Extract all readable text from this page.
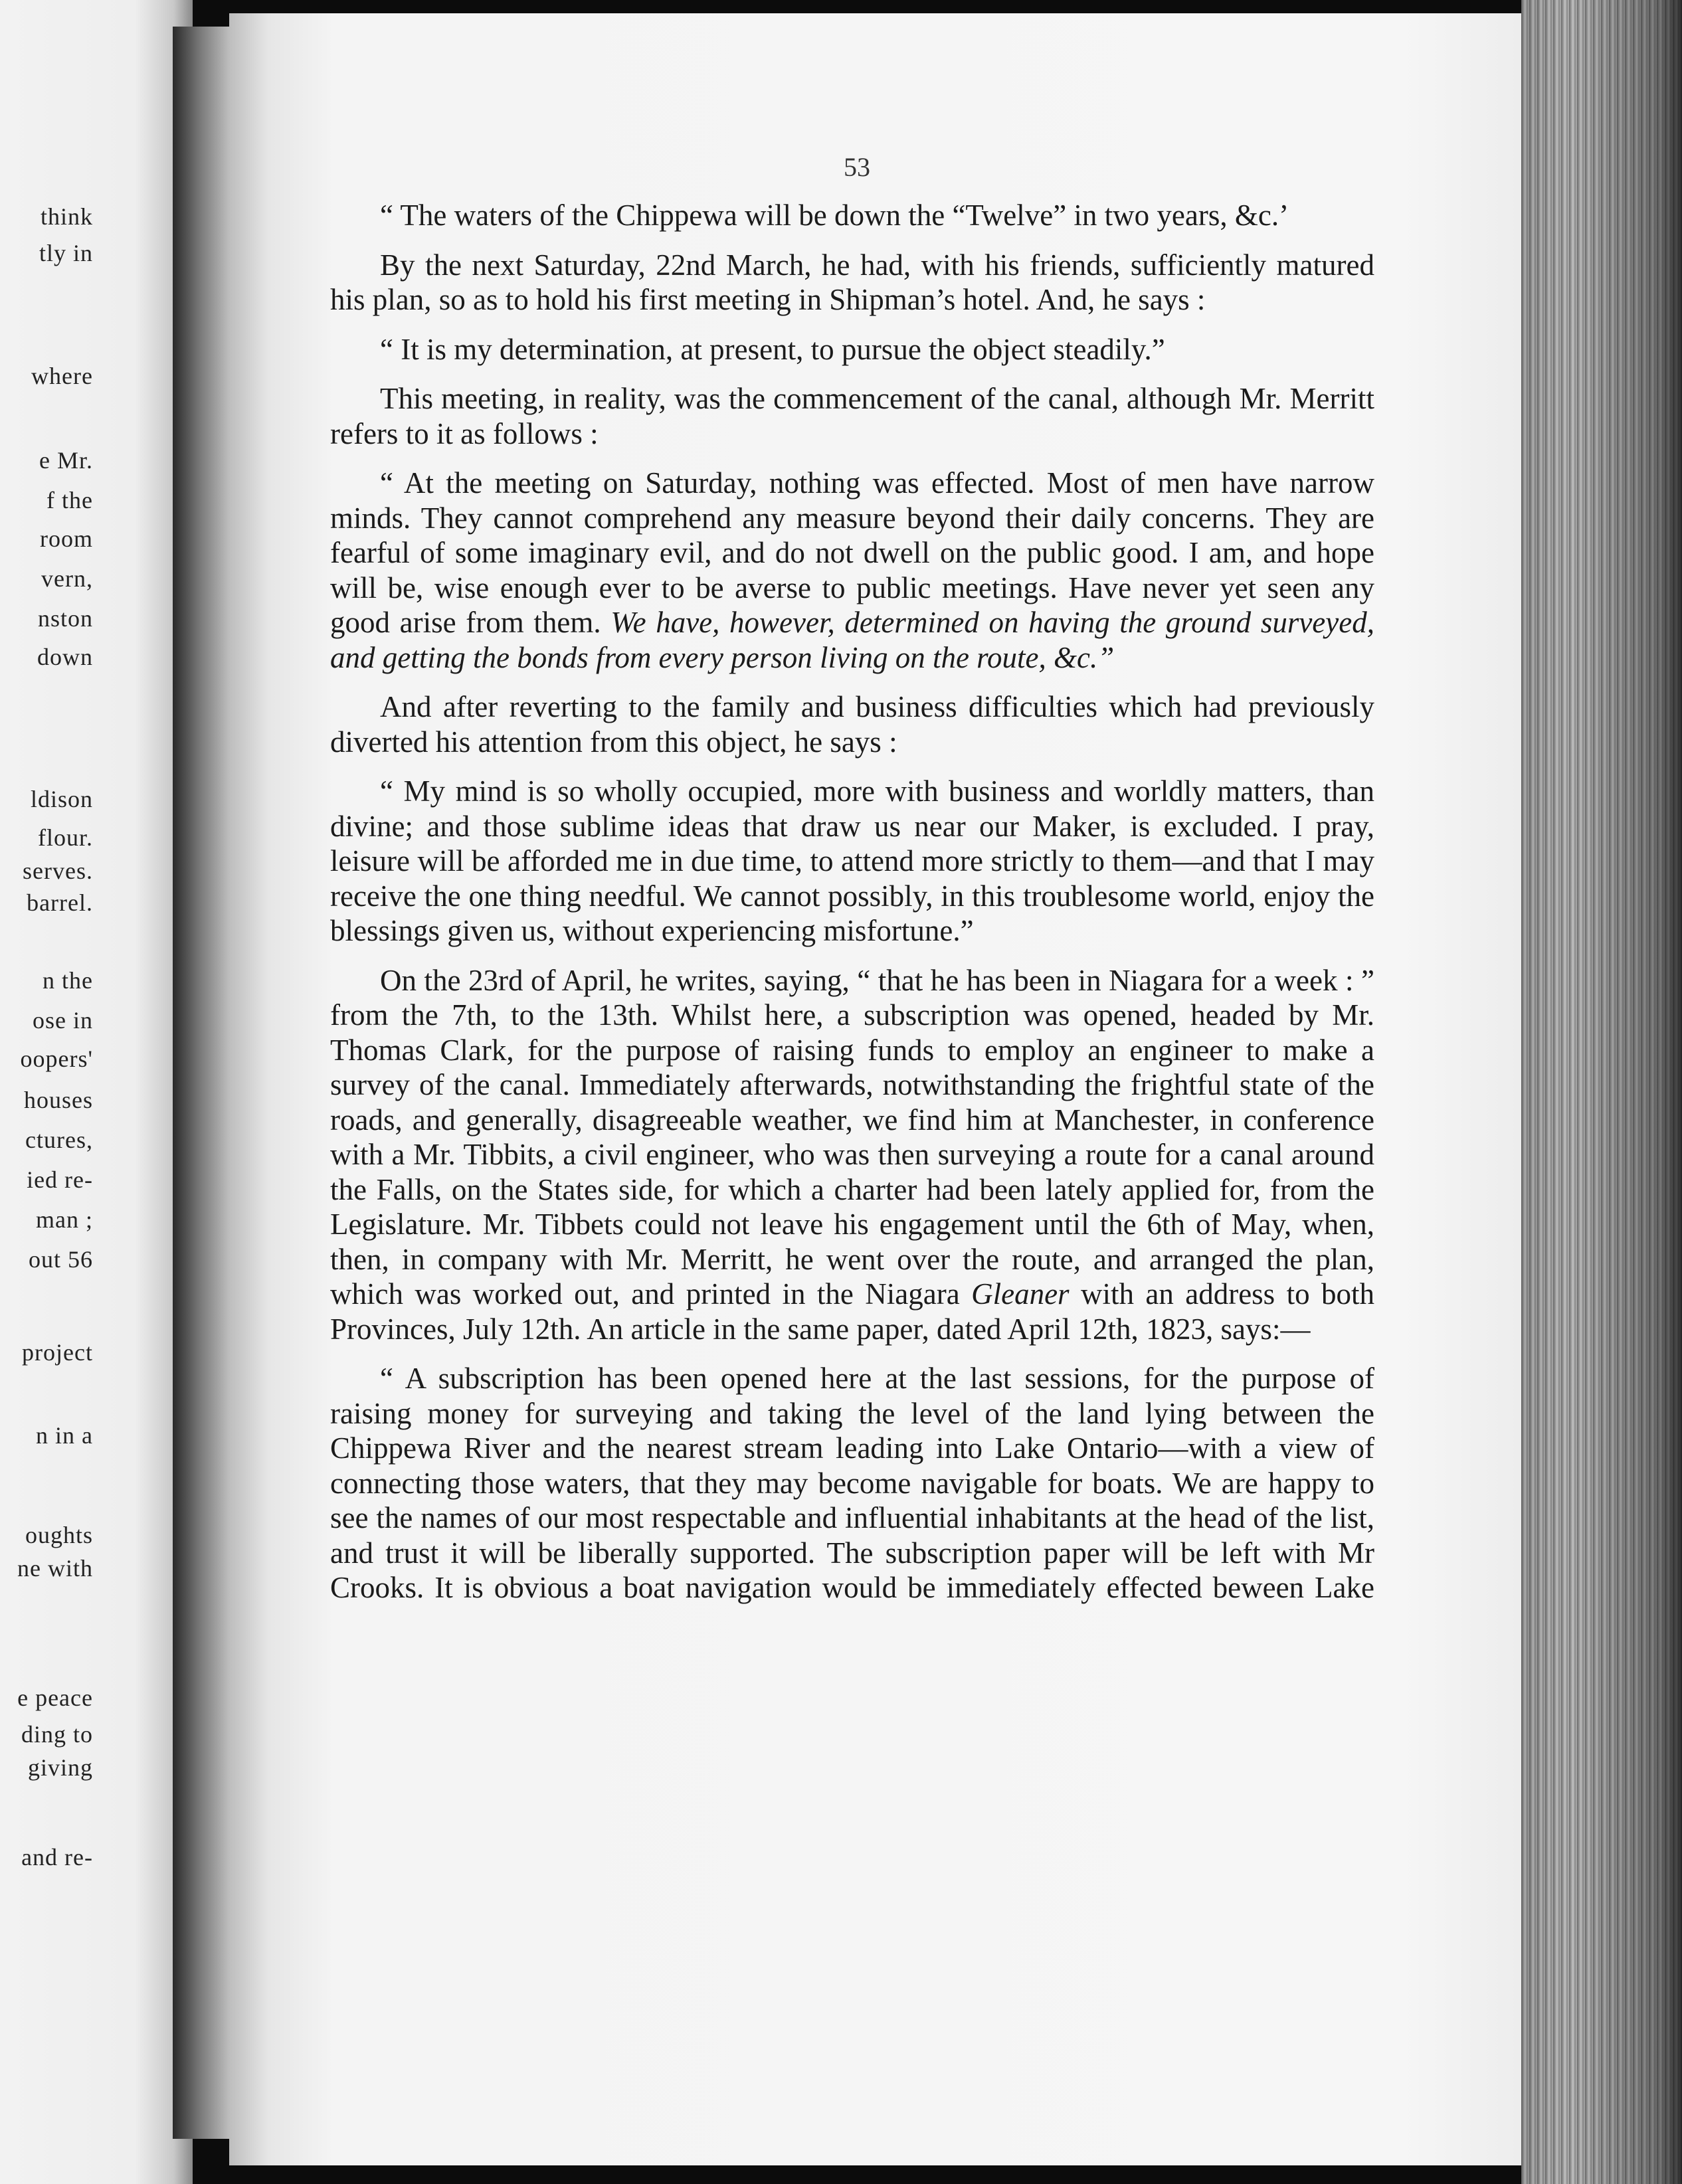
think
tly in
where
e Mr.
f the
room
vern,
nston
down
ldison
flour.
serves.
barrel.
n the
ose in
oopers'
houses
ctures,
ied re-
man ;
out 56
project
n in a
oughts
ne with
e peace
ding to
giving
and re-
53

“ The waters of the Chippewa will be down the “Twelve” in two years, &c.’

By the next Saturday, 22nd March, he had, with his friends, sufficiently matured his plan, so as to hold his first meeting in Shipman’s hotel. And, he says :

“ It is my determination, at present, to pursue the object steadily.”

This meeting, in reality, was the commencement of the canal, although Mr. Merritt refers to it as follows :

“ At the meeting on Saturday, nothing was effected. Most of men have narrow minds. They cannot comprehend any measure beyond their daily concerns. They are fearful of some imaginary evil, and do not dwell on the public good. I am, and hope will be, wise enough ever to be averse to public meetings. Have never yet seen any good arise from them. We have, however, determined on having the ground surveyed, and getting the bonds from every person living on the route, &c.”

And after reverting to the family and business difficulties which had previously diverted his attention from this object, he says :

“ My mind is so wholly occupied, more with business and worldly matters, than divine; and those sublime ideas that draw us near our Maker, is excluded. I pray, leisure will be afforded me in due time, to attend more strictly to them—and that I may receive the one thing needful. We cannot possibly, in this troublesome world, enjoy the blessings given us, without experiencing misfortune.”

On the 23rd of April, he writes, saying, “ that he has been in Niagara for a week : ” from the 7th, to the 13th. Whilst here, a subscription was opened, headed by Mr. Thomas Clark, for the purpose of raising funds to employ an engineer to make a survey of the canal. Immediately afterwards, notwithstanding the frightful state of the roads, and generally, disagreeable weather, we find him at Manchester, in conference with a Mr. Tibbits, a civil engineer, who was then surveying a route for a canal around the Falls, on the States side, for which a charter had been lately applied for, from the Legislature. Mr. Tibbets could not leave his engagement until the 6th of May, when, then, in company with Mr. Merritt, he went over the route, and arranged the plan, which was worked out, and printed in the Niagara Gleaner with an address to both Provinces, July 12th. An article in the same paper, dated April 12th, 1823, says:—

“ A subscription has been opened here at the last sessions, for the purpose of raising money for surveying and taking the level of the land lying between the Chippewa River and the nearest stream leading into Lake Ontario—with a view of connecting those waters, that they may become navigable for boats. We are happy to see the names of our most respectable and influential inhabitants at the head of the list, and trust it will be liberally supported. The subscription paper will be left with Mr Crooks. It is obvious a boat navigation would be immediately effected beween Lake
